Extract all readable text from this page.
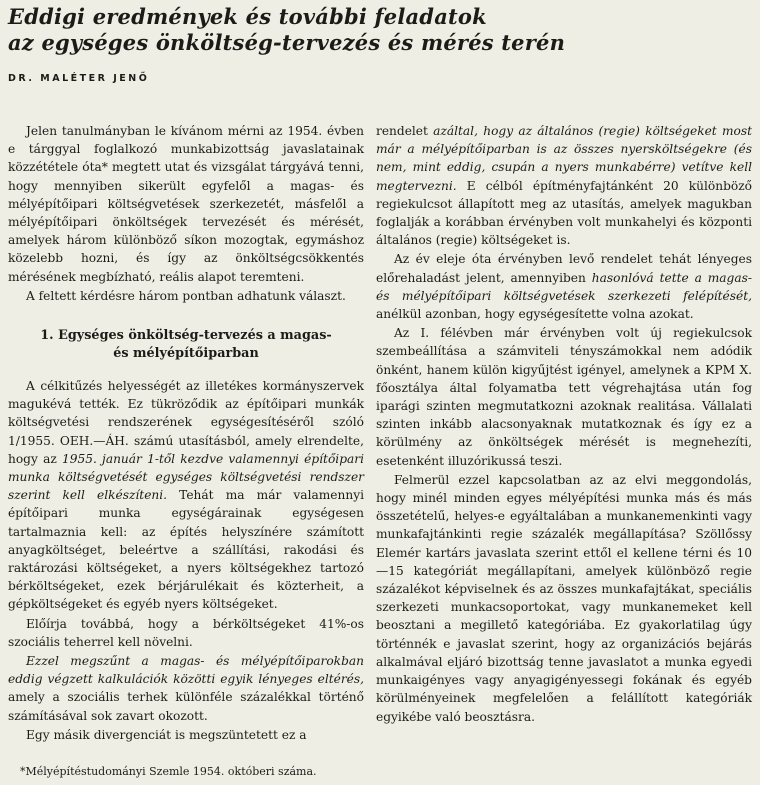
Eddigi eredmények és további feladatok
az egységes önköltség-tervezés és mérés terén
DR. MALÉTER JENŐ

Jelen tanulmányban le kívánom mérni az 1954. évben e tárggyal foglalkozó munkabizottság javaslatainak közzététele óta* megtett utat és vizsgálat tárgyává tenni, hogy mennyiben sikerült egyfelől a magas- és mélyépítőipari költségvetések szerkezetét, másfelől a mélyépítőipari önköltségek tervezését és mérését, amelyek három különböző síkon mozogtak, egymáshoz közelebb hozni, és így az önköltségcsökkentés mérésének megbízható, reális alapot teremteni.

A feltett kérdésre három pontban adhatunk választ.

1. Egységes önköltség-tervezés a magas- és mélyépítőiparban

A célkitűzés helyességét az illetékes kormányszervek magukévá tették. Ez tükröződik az építőipari munkák költségvetési rendszerének egységesítéséről szóló 1/1955. OEH.—ÁH. számú utasításból, amely elrendelte, hogy az 1955. január 1-től kezdve valamennyi építőipari munka költségvetését egységes költségvetési rendszer szerint kell elkészíteni. Tehát ma már valamennyi építőipari munka egységárainak egységesen tartalmaznia kell: az építés helyszínére számított anyagköltséget, beleértve a szállítási, rakodási és raktározási költségeket, a nyers költségekhez tartozó bérköltségeket, ezek bérjárulékait és közterheit, a gépköltségeket és egyéb nyers költségeket.

Előírja továbbá, hogy a bérköltségeket 41%-os szociális teherrel kell növelni.

Ezzel megszűnt a magas- és mélyépítőiparokban eddig végzett kalkulációk közötti egyik lényeges eltérés, amely a szociális terhek különféle százalékkal történő számításával sok zavart okozott.

Egy másik divergenciát is megszüntetett ez a

rendelet azáltal, hogy az általános (regie) költségeket most már a mélyépítőiparban is az összes nyersköltségekre (és nem, mint eddig, csupán a nyers munkabérre) vetítve kell megtervezni. E célból építményfajtánként 20 különböző regiekulcsot állapított meg az utasítás, amelyek magukban foglalják a korábban érvényben volt munkahelyi és központi általános (regie) költségeket is.

Az év eleje óta érvényben levő rendelet tehát lényeges előrehaladást jelent, amennyiben hasonlóvá tette a magas- és mélyépítőipari költségvetések szerkezeti felépítését, anélkül azonban, hogy egységesítette volna azokat.

Az I. félévben már érvényben volt új regiekulcsok szembeállítása a számviteli tényszámokkal nem adódik önként, hanem külön kigyűjtést igényel, amelynek a KPM X. főosztálya által folyamatba tett végrehajtása után fog iparági szinten megmutatkozni azoknak realitása. Vállalati szinten inkább alacsonyaknak mutatkoznak és így ez a körülmény az önköltségek mérését is megnehezíti, esetenként illuzórikussá teszi.

Felmerül ezzel kapcsolatban az az elvi meggondolás, hogy minél minden egyes mélyépítési munka más és más összetételű, helyes-e egyáltalában a munkanemenkinti vagy munkafajtánkinti regie százalék megállapítása? Szöllőssy Elemér kartárs javaslata szerint ettől el kellene térni és 10—15 kategóriát megállapítani, amelyek különböző regie százalékot képviselnek és az összes munkafajtákat, speciális szerkezeti munkacsoportokat, vagy munkanemeket kell beosztani a megillető kategóriába. Ez gyakorlatilag úgy történnék e javaslat szerint, hogy az organizációs bejárás alkalmával eljáró bizottság tenne javaslatot a munka egyedi munkaigényes vagy anyagigényessegi fokának és egyéb körülményeinek megfelelően a felállított kategóriák egyikébe való beosztásra.

*Mélyépítéstudományi Szemle 1954. októberi száma.
